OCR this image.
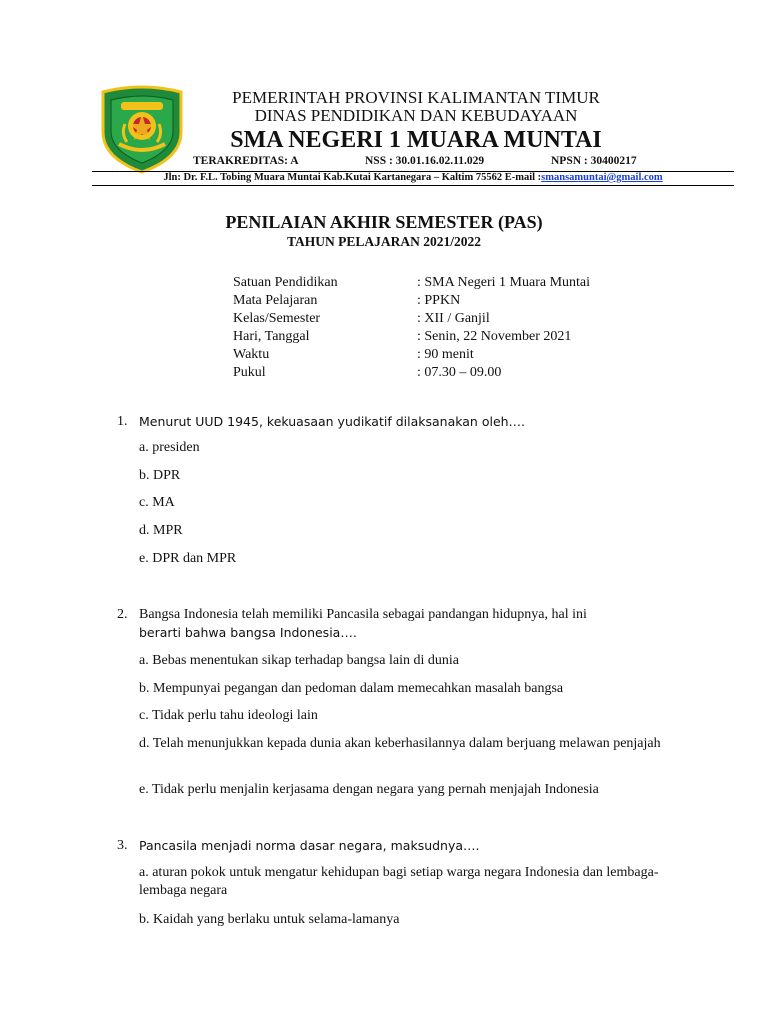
PEMERINTAH PROVINSI KALIMANTAN TIMUR
DINAS PENDIDIKAN DAN KEBUDAYAAN
SMA NEGERI 1 MUARA MUNTAI
TERAKREDITAS: A	NSS : 30.01.16.02.11.029	NPSN : 30400217
Jln: Dr. F.L. Tobing Muara Muntai Kab.Kutai Kartanegara – Kaltim 75562 E-mail :smansamuntai@gmail.com
PENILAIAN AKHIR SEMESTER (PAS)
TAHUN PELAJARAN 2021/2022
Satuan Pendidikan	: SMA Negeri 1 Muara Muntai
Mata Pelajaran	: PPKN
Kelas/Semester	: XII / Ganjil
Hari, Tanggal	: Senin, 22 November 2021
Waktu	: 90 menit
Pukul	: 07.30 – 09.00
1. Menurut UUD 1945, kekuasaan yudikatif dilaksanakan oleh….
a. presiden
b. DPR
c. MA
d. MPR
e. DPR dan MPR
2. Bangsa Indonesia telah memiliki Pancasila sebagai pandangan hidupnya, hal ini
berarti bahwa bangsa Indonesia….
a. Bebas menentukan sikap terhadap bangsa lain di dunia
b. Mempunyai pegangan dan pedoman dalam memecahkan masalah bangsa
c. Tidak perlu tahu ideologi lain
d. Telah menunjukkan kepada dunia akan keberhasilannya dalam berjuang melawan penjajah
e. Tidak perlu menjalin kerjasama dengan negara yang pernah menjajah Indonesia
3. Pancasila menjadi norma dasar negara, maksudnya….
a. aturan pokok untuk mengatur kehidupan bagi setiap warga negara Indonesia dan lembaga-lembaga negara
b. Kaidah yang berlaku untuk selama-lamanya
